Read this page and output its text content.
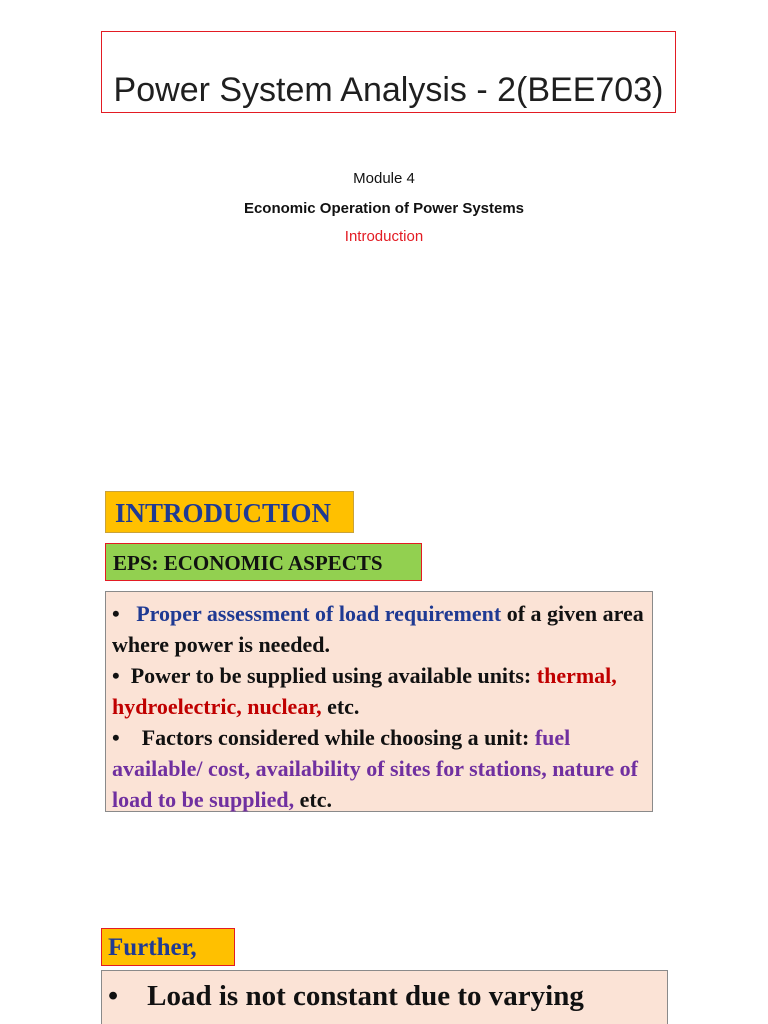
Power System Analysis - 2(BEE703)
Module 4
Economic Operation of Power Systems
Introduction
INTRODUCTION
EPS: ECONOMIC ASPECTS

• Proper assessment of load requirement of a given area where power is needed.

• Power to be supplied using available units: thermal, hydroelectric, nuclear, etc.

• Factors considered while choosing a unit: fuel available/ cost, availability of sites for stations, nature of load to be supplied, etc.

Further,
• Load is not constant due to varying
